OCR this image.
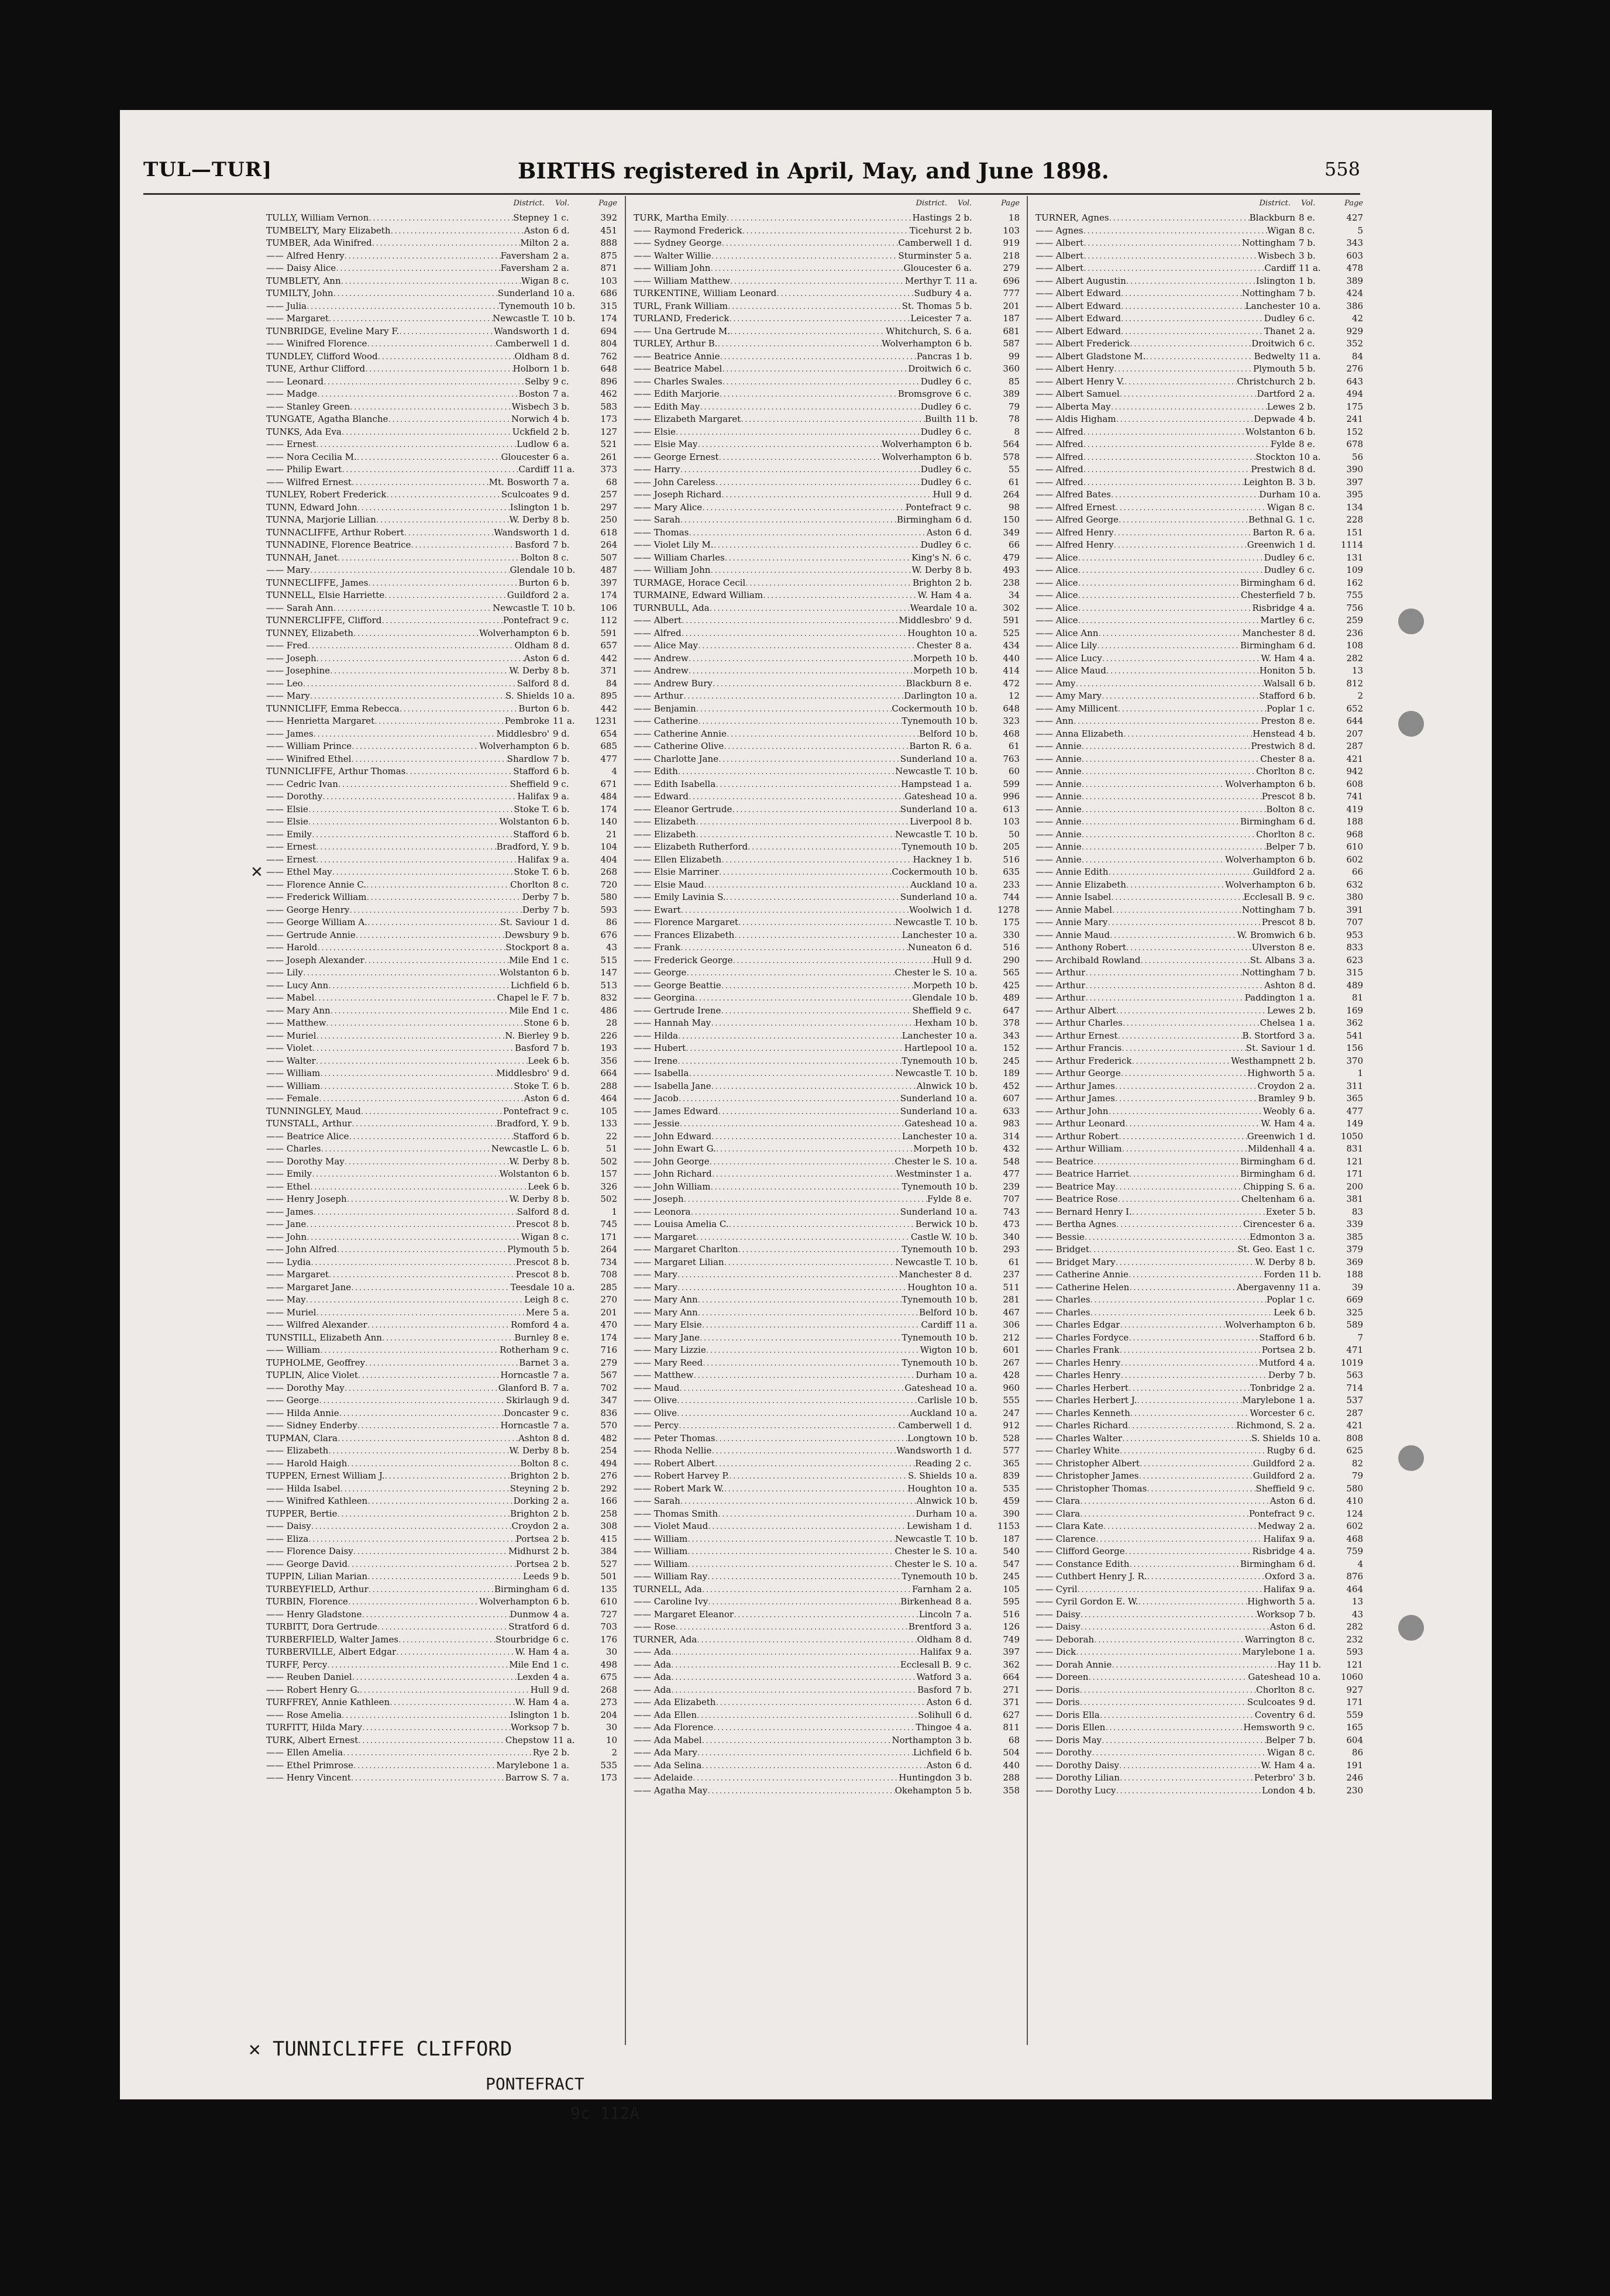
TUL—TUR]	BIRTHS registered in April, May, and June 1898.	558
District. Vol.	Page
TULLY, William Vernon .....	Stepney 1 c.	392
TUMBELTY, Mary Elizabeth .....	Aston 6 d.	451
TUMBER, Ada Winifred .....	Milton 2 a.	888
—— Alfred Henry .....	Faversham 2 a.	875
—— Daisy Alice .....	Faversham 2 a.	871
TUMBLETY, Ann .....	Wigan 8 c.	103
TUMILTY, John .....	Sunderland 10 a.	686
—— Julia .....	Tynemouth 10 b.	315
—— Margaret .....	Newcastle T. 10 b.	174
TUNBRIDGE, Eveline Mary F. .....	Wandsworth 1 d.	694
—— Winifred Florence .....	Camberwell 1 d.	804
TUNDLEY, Clifford Wood .....	Oldham 8 d.	762
TUNE, Arthur Clifford .....	Holborn 1 b.	648
—— Leonard .....	Selby 9 c.	896
—— Madge .....	Boston 7 a.	462
—— Stanley Green .....	Wisbech 3 b.	583
TUNGATE, Agatha Blanche .....	Norwich 4 b.	173
TUNKS, Ada Eva .....	Uckfield 2 b.	127
—— Ernest .....	Ludlow 6 a.	521
—— Nora Cecilia M. .....	Gloucester 6 a.	261
—— Philip Ewart .....	Cardiff 11 a.	373
—— Wilfred Ernest .....	Mt. Bosworth 7 a.	68
TUNLEY, Robert Frederick .....	Sculcoates 9 d.	257
TUNN, Edward John .....	Islington 1 b.	297
TUNNA, Marjorie Lillian .....	W. Derby 8 b.	250
TUNNACLIFFE, Arthur Robert .....	Wandsworth 1 d.	618
TUNNADINE, Florence Beatrice .....	Basford 7 b.	264
TUNNAH, Janet .....	Bolton 8 c.	507
—— Mary .....	Glendale 10 b.	487
TUNNECLIFFE, James .....	Burton 6 b.	397
TUNNELL, Elsie Harriette .....	Guildford 2 a.	174
—— Sarah Ann .....	Newcastle T. 10 b.	106
TUNNERCLIFFE, Clifford .....	Pontefract 9 c.	112
TUNNEY, Elizabeth .....	Wolverhampton 6 b.	591
—— Fred .....	Oldham 8 d.	657
—— Joseph .....	Aston 6 d.	442
—— Josephine .....	W. Derby 8 b.	371
—— Leo .....	Salford 8 d.	84
—— Mary .....	S. Shields 10 a.	895
TUNNICLIFF, Emma Rebecca .....	Burton 6 b.	442
—— Henrietta Margaret .....	Pembroke 11 a.	1231
—— James .....	Middlesbro' 9 d.	654
—— William Prince .....	Wolverhampton 6 b.	685
—— Winifred Ethel .....	Shardlow 7 b.	477
TUNNICLIFFE, Arthur Thomas .....	Stafford 6 b.	4
—— Cedric Ivan .....	Sheffield 9 c.	671
—— Dorothy .....	Halifax 9 a.	484
—— Elsie .....	Stoke T. 6 b.	174
—— Elsie .....	Wolstanton 6 b.	140
—— Emily .....	Stafford 6 b.	21
—— Ernest .....	Bradford, Y. 9 b.	104
—— Ernest .....	Halifax 9 a.	404
—— Ethel May .....	Stoke T. 6 b.	268
—— Florence Annie C. .....	Chorlton 8 c.	720
—— Frederick William .....	Derby 7 b.	580
—— George Henry .....	Derby 7 b.	593
—— George William A. .....	St. Saviour 1 d.	86
—— Gertrude Annie .....	Dewsbury 9 b.	676
—— Harold .....	Stockport 8 a.	43
—— Joseph Alexander .....	Mile End 1 c.	515
—— Lily .....	Wolstanton 6 b.	147
—— Lucy Ann .....	Lichfield 6 b.	513
—— Mabel .....	Chapel le F. 7 b.	832
—— Mary Ann .....	Mile End 1 c.	486
—— Matthew .....	Stone 6 b.	28
—— Muriel .....	N. Bierley 9 b.	226
—— Violet .....	Basford 7 b.	193
—— Walter .....	Leek 6 b.	356
—— William .....	Middlesbro' 9 d.	664
—— William .....	Stoke T. 6 b.	288
—— Female .....	Aston 6 d.	464
TUNNINGLEY, Maud .....	Pontefract 9 c.	105
TUNSTALL, Arthur .....	Bradford, Y. 9 b.	133
—— Beatrice Alice .....	Stafford 6 b.	22
—— Charles .....	Newcastle L. 6 b.	51
—— Dorothy May .....	W. Derby 8 b.	502
—— Emily .....	Wolstanton 6 b.	157
—— Ethel .....	Leek 6 b.	326
—— Henry Joseph .....	W. Derby 8 b.	502
—— James .....	Salford 8 d.	1
—— Jane .....	Prescot 8 b.	745
—— John .....	Wigan 8 c.	171
—— John Alfred .....	Plymouth 5 b.	264
—— Lydia .....	Prescot 8 b.	734
—— Margaret .....	Prescot 8 b.	708
—— Margaret Jane .....	Teesdale 10 a.	285
—— May .....	Leigh 8 c.	270
—— Muriel .....	Mere 5 a.	201
—— Wilfred Alexander .....	Romford 4 a.	470
TUNSTILL, Elizabeth Ann .....	Burnley 8 e.	174
—— William .....	Rotherham 9 c.	716
TUPHOLME, Geoffrey .....	Barnet 3 a.	279
TUPLIN, Alice Violet .....	Horncastle 7 a.	567
—— Dorothy May .....	Glanford B. 7 a.	702
—— George .....	Skirlaugh 9 d.	347
—— Hilda Annie .....	Doncaster 9 c.	836
—— Sidney Enderby .....	Horncastle 7 a.	570
TUPMAN, Clara .....	Ashton 8 d.	482
—— Elizabeth .....	W. Derby 8 b.	254
—— Harold Haigh .....	Bolton 8 c.	494
TUPPEN, Ernest William J. .....	Brighton 2 b.	276
—— Hilda Isabel .....	Steyning 2 b.	292
—— Winifred Kathleen .....	Dorking 2 a.	166
TUPPER, Bertie .....	Brighton 2 b.	258
—— Daisy .....	Croydon 2 a.	308
—— Eliza .....	Portsea 2 b.	415
—— Florence Daisy .....	Midhurst 2 b.	384
—— George David .....	Portsea 2 b.	527
TUPPIN, Lilian Marian .....	Leeds 9 b.	501
TURBEYFIELD, Arthur .....	Birmingham 6 d.	135
TURBIN, Florence .....	Wolverhampton 6 b.	610
—— Henry Gladstone .....	Dunmow 4 a.	727
TURBITT, Dora Gertrude .....	Stratford 6 d.	703
TURBERFIELD, Walter James .....	Stourbridge 6 c.	176
TURBERVILLE, Albert Edgar .....	W. Ham 4 a.	30
TURFF, Percy .....	Mile End 1 c.	498
—— Reuben Daniel .....	Lexden 4 a.	675
—— Robert Henry G. .....	Hull 9 d.	268
TURFFREY, Annie Kathleen .....	W. Ham 4 a.	273
—— Rose Amelia .....	Islington 1 b.	204
TURFITT, Hilda Mary .....	Worksop 7 b.	30
TURK, Albert Ernest .....	Chepstow 11 a.	10
—— Ellen Amelia .....	Rye 2 b.	2
—— Ethel Primrose .....	Marylebone 1 a.	535
—— Henry Vincent .....	Barrow S. 7 a.	173
District. Vol.	Page
TURK, Martha Emily .....	Hastings 2 b.	18
—— Raymond Frederick .....	Ticehurst 2 b.	103
—— Sydney George .....	Camberwell 1 d.	919
—— Walter Willie .....	Sturminster 5 a.	218
—— William John .....	Gloucester 6 a.	279
—— William Matthew .....	Merthyr T. 11 a.	696
TURKENTINE, William Leonard .....	Sudbury 4 a.	777
TURL, Frank William .....	St. Thomas 5 b.	201
TURLAND, Frederick .....	Leicester 7 a.	187
—— Una Gertrude M. .....	Whitchurch, S. 6 a.	681
TURLEY, Arthur B. .....	Wolverhampton 6 b.	587
—— Beatrice Annie .....	Pancras 1 b.	99
—— Beatrice Mabel .....	Droitwich 6 c.	360
—— Charles Swales .....	Dudley 6 c.	85
—— Edith Marjorie .....	Bromsgrove 6 c.	389
—— Edith May .....	Dudley 6 c.	79
—— Elizabeth Margaret .....	Builth 11 b.	78
—— Elsie .....	Dudley 6 c.	8
—— Elsie May .....	Wolverhampton 6 b.	564
—— George Ernest .....	Wolverhampton 6 b.	578
—— Harry .....	Dudley 6 c.	55
—— John Careless .....	Dudley 6 c.	61
—— Joseph Richard .....	Hull 9 d.	264
—— Mary Alice .....	Pontefract 9 c.	98
—— Sarah .....	Birmingham 6 d.	150
—— Thomas .....	Aston 6 d.	349
—— Violet Lily M. .....	Dudley 6 c.	66
—— William Charles .....	King's N. 6 c.	479
—— William John .....	W. Derby 8 b.	493
TURMAGE, Horace Cecil .....	Brighton 2 b.	238
TURMAINE, Edward William .....	W. Ham 4 a.	34
TURNBULL, Ada .....	Weardale 10 a.	302
—— Albert .....	Middlesbro' 9 d.	591
—— Alfred .....	Houghton 10 a.	525
—— Alice May .....	Chester 8 a.	434
—— Andrew .....	Morpeth 10 b.	440
—— Andrew .....	Morpeth 10 b.	414
—— Andrew Bury .....	Blackburn 8 e.	472
—— Arthur .....	Darlington 10 a.	12
—— Benjamin .....	Cockermouth 10 b.	648
—— Catherine .....	Tynemouth 10 b.	323
—— Catherine Annie .....	Belford 10 b.	468
—— Catherine Olive .....	Barton R. 6 a.	61
—— Charlotte Jane .....	Sunderland 10 a.	763
—— Edith .....	Newcastle T. 10 b.	60
—— Edith Isabella .....	Hampstead 1 a.	599
—— Edward .....	Gateshead 10 a.	996
—— Eleanor Gertrude .....	Sunderland 10 a.	613
—— Elizabeth .....	Liverpool 8 b.	103
—— Elizabeth .....	Newcastle T. 10 b.	50
—— Elizabeth Rutherford .....	Tynemouth 10 b.	205
—— Ellen Elizabeth .....	Hackney 1 b.	516
—— Elsie Marriner .....	Cockermouth 10 b.	635
—— Elsie Maud .....	Auckland 10 a.	233
—— Emily Lavinia S. .....	Sunderland 10 a.	744
—— Ewart .....	Woolwich 1 d.	1278
—— Florence Margaret .....	Newcastle T. 10 b.	175
—— Frances Elizabeth .....	Lanchester 10 a.	330
—— Frank .....	Nuneaton 6 d.	516
—— Frederick George .....	Hull 9 d.	290
—— George .....	Chester le S. 10 a.	565
—— George Beattie .....	Morpeth 10 b.	425
—— Georgina .....	Glendale 10 b.	489
—— Gertrude Irene .....	Sheffield 9 c.	647
—— Hannah May .....	Hexham 10 b.	378
—— Hilda .....	Lanchester 10 a.	343
—— Hubert .....	Hartlepool 10 a.	152
—— Irene .....	Tynemouth 10 b.	245
—— Isabella .....	Newcastle T. 10 b.	189
—— Isabella Jane .....	Alnwick 10 b.	452
—— Jacob .....	Sunderland 10 a.	607
—— James Edward .....	Sunderland 10 a.	633
—— Jessie .....	Gateshead 10 a.	983
—— John Edward .....	Lanchester 10 a.	314
—— John Ewart G. .....	Morpeth 10 b.	432
—— John George .....	Chester le S. 10 a.	548
—— John Richard .....	Westminster 1 a.	477
—— John William .....	Tynemouth 10 b.	239
—— Joseph .....	Fylde 8 e.	707
—— Leonora .....	Sunderland 10 a.	743
—— Louisa Amelia C. .....	Berwick 10 b.	473
—— Margaret .....	Castle W. 10 b.	340
—— Margaret Charlton .....	Tynemouth 10 b.	293
—— Margaret Lilian .....	Newcastle T. 10 b.	61
—— Mary .....	Manchester 8 d.	237
—— Mary .....	Houghton 10 a.	511
—— Mary Ann .....	Tynemouth 10 b.	281
—— Mary Ann .....	Belford 10 b.	467
—— Mary Elsie .....	Cardiff 11 a.	306
—— Mary Jane .....	Tynemouth 10 b.	212
—— Mary Lizzie .....	Wigton 10 b.	601
—— Mary Reed .....	Tynemouth 10 b.	267
—— Matthew .....	Durham 10 a.	428
—— Maud .....	Gateshead 10 a.	960
—— Olive .....	Carlisle 10 b.	555
—— Olive .....	Auckland 10 a.	247
—— Percy .....	Camberwell 1 d.	912
—— Peter Thomas .....	Longtown 10 b.	528
—— Rhoda Nellie .....	Wandsworth 1 d.	577
—— Robert Albert .....	Reading 2 c.	365
—— Robert Harvey P. .....	S. Shields 10 a.	839
—— Robert Mark W. .....	Houghton 10 a.	535
—— Sarah .....	Alnwick 10 b.	459
—— Thomas Smith .....	Durham 10 a.	390
—— Violet Maud .....	Lewisham 1 d.	1153
—— William .....	Newcastle T. 10 b.	187
—— William .....	Chester le S. 10 a.	540
—— William .....	Chester le S. 10 a.	547
—— William Ray .....	Tynemouth 10 b.	245
TURNELL, Ada .....	Farnham 2 a.	105
—— Caroline Ivy .....	Birkenhead 8 a.	595
—— Margaret Eleanor .....	Lincoln 7 a.	516
—— Rose .....	Brentford 3 a.	126
TURNER, Ada .....	Oldham 8 d.	749
—— Ada .....	Halifax 9 a.	397
—— Ada .....	Ecclesall B. 9 c.	362
—— Ada .....	Watford 3 a.	664
—— Ada .....	Basford 7 b.	271
—— Ada Elizabeth .....	Aston 6 d.	371
—— Ada Ellen .....	Solihull 6 d.	627
—— Ada Florence .....	Thingoe 4 a.	811
—— Ada Mabel .....	Northampton 3 b.	68
—— Ada Mary .....	Lichfield 6 b.	504
—— Ada Selina .....	Aston 6 d.	440
—— Adelaide .....	Huntingdon 3 b.	288
—— Agatha May .....	Okehampton 5 b.	358
District. Vol.	Page
TURNER, Agnes .....	Blackburn 8 e.	427
—— Agnes .....	Wigan 8 c.	5
—— Albert .....	Nottingham 7 b.	343
—— Albert .....	Wisbech 3 b.	603
—— Albert .....	Cardiff 11 a.	478
—— Albert Augustin .....	Islington 1 b.	389
—— Albert Edward .....	Nottingham 7 b.	424
—— Albert Edward .....	Lanchester 10 a.	386
—— Albert Edward .....	Dudley 6 c.	42
—— Albert Edward .....	Thanet 2 a.	929
—— Albert Frederick .....	Droitwich 6 c.	352
—— Albert Gladstone M. .....	Bedwelty 11 a.	84
—— Albert Henry .....	Plymouth 5 b.	276
—— Albert Henry V. .....	Christchurch 2 b.	643
—— Albert Samuel .....	Dartford 2 a.	494
—— Alberta May .....	Lewes 2 b.	175
—— Aldis Higham .....	Depwade 4 b.	241
—— Alfred .....	Wolstanton 6 b.	152
—— Alfred .....	Fylde 8 e.	678
—— Alfred .....	Stockton 10 a.	56
—— Alfred .....	Prestwich 8 d.	390
—— Alfred .....	Leighton B. 3 b.	397
—— Alfred Bates .....	Durham 10 a.	395
—— Alfred Ernest .....	Wigan 8 c.	134
—— Alfred George .....	Bethnal G. 1 c.	228
—— Alfred Henry .....	Barton R. 6 a.	151
—— Alfred Henry .....	Greenwich 1 d.	1114
—— Alice .....	Dudley 6 c.	131
—— Alice .....	Dudley 6 c.	109
—— Alice .....	Birmingham 6 d.	162
—— Alice .....	Chesterfield 7 b.	755
—— Alice .....	Risbridge 4 a.	756
—— Alice .....	Martley 6 c.	259
—— Alice Ann .....	Manchester 8 d.	236
—— Alice Lily .....	Birmingham 6 d.	108
—— Alice Lucy .....	W. Ham 4 a.	282
—— Alice Maud .....	Honiton 5 b.	13
—— Amy .....	Walsall 6 b.	812
—— Amy Mary .....	Stafford 6 b.	2
—— Amy Millicent .....	Poplar 1 c.	652
—— Ann .....	Preston 8 e.	644
—— Anna Elizabeth .....	Henstead 4 b.	207
—— Annie .....	Prestwich 8 d.	287
—— Annie .....	Chester 8 a.	421
—— Annie .....	Chorlton 8 c.	942
—— Annie .....	Wolverhampton 6 b.	608
—— Annie .....	Prescot 8 b.	741
—— Annie .....	Bolton 8 c.	419
—— Annie .....	Birmingham 6 d.	188
—— Annie .....	Chorlton 8 c.	968
—— Annie .....	Belper 7 b.	610
—— Annie .....	Wolverhampton 6 b.	602
—— Annie Edith .....	Guildford 2 a.	66
—— Annie Elizabeth .....	Wolverhampton 6 b.	632
—— Annie Isabel .....	Ecclesall B. 9 c.	380
—— Annie Mabel .....	Nottingham 7 b.	391
—— Annie Mary .....	Prescot 8 b.	707
—— Annie Maud .....	W. Bromwich 6 b.	953
—— Anthony Robert .....	Ulverston 8 e.	833
—— Archibald Rowland .....	St. Albans 3 a.	623
—— Arthur .....	Nottingham 7 b.	315
—— Arthur .....	Ashton 8 d.	489
—— Arthur .....	Paddington 1 a.	81
—— Arthur Albert .....	Lewes 2 b.	169
—— Arthur Charles .....	Chelsea 1 a.	362
—— Arthur Ernest .....	B. Stortford 3 a.	541
—— Arthur Francis .....	St. Saviour 1 d.	156
—— Arthur Frederick .....	Westhampnett 2 b.	370
—— Arthur George .....	Highworth 5 a.	1
—— Arthur James .....	Croydon 2 a.	311
—— Arthur James .....	Bramley 9 b.	365
—— Arthur John .....	Weobly 6 a.	477
—— Arthur Leonard .....	W. Ham 4 a.	149
—— Arthur Robert .....	Greenwich 1 d.	1050
—— Arthur William .....	Mildenhall 4 a.	831
—— Beatrice .....	Birmingham 6 d.	121
—— Beatrice Harriet .....	Birmingham 6 d.	171
—— Beatrice May .....	Chipping S. 6 a.	200
—— Beatrice Rose .....	Cheltenham 6 a.	381
—— Bernard Henry I. .....	Exeter 5 b.	83
—— Bertha Agnes .....	Cirencester 6 a.	339
—— Bessie .....	Edmonton 3 a.	385
—— Bridget .....	St. Geo. East 1 c.	379
—— Bridget Mary .....	W. Derby 8 b.	369
—— Catherine Annie .....	Forden 11 b.	188
—— Catherine Helen .....	Abergavenny 11 a.	39
—— Charles .....	Poplar 1 c.	669
—— Charles .....	Leek 6 b.	325
—— Charles Edgar .....	Wolverhampton 6 b.	589
—— Charles Fordyce .....	Stafford 6 b.	7
—— Charles Frank .....	Portsea 2 b.	471
—— Charles Henry .....	Mutford 4 a.	1019
—— Charles Henry .....	Derby 7 b.	563
—— Charles Herbert .....	Tonbridge 2 a.	714
—— Charles Herbert J. .....	Marylebone 1 a.	537
—— Charles Kenneth .....	Worcester 6 c.	287
—— Charles Richard .....	Richmond, S. 2 a.	421
—— Charles Walter .....	S. Shields 10 a.	808
—— Charley White .....	Rugby 6 d.	625
—— Christopher Albert .....	Guildford 2 a.	82
—— Christopher James .....	Guildford 2 a.	79
—— Christopher Thomas .....	Sheffield 9 c.	580
—— Clara .....	Aston 6 d.	410
—— Clara .....	Pontefract 9 c.	124
—— Clara Kate .....	Medway 2 a.	602
—— Clarence .....	Halifax 9 a.	468
—— Clifford George .....	Risbridge 4 a.	759
—— Constance Edith .....	Birmingham 6 d.	4
—— Cuthbert Henry J. R. .....	Oxford 3 a.	876
—— Cyril .....	Halifax 9 a.	464
—— Cyril Gordon E. W. .....	Highworth 5 a.	13
—— Daisy .....	Worksop 7 b.	43
—— Daisy .....	Aston 6 d.	282
—— Deborah .....	Warrington 8 c.	232
—— Dick .....	Marylebone 1 a.	593
—— Dorah Annie .....	Hay 11 b.	121
—— Doreen .....	Gateshead 10 a.	1060
—— Doris .....	Chorlton 8 c.	927
—— Doris .....	Sculcoates 9 d.	171
—— Doris Ella .....	Coventry 6 d.	559
—— Doris Ellen .....	Hemsworth 9 c.	165
—— Doris May .....	Belper 7 b.	604
—— Dorothy .....	Wigan 8 c.	86
—— Dorothy Daisy .....	W. Ham 4 a.	191
—— Dorothy Lilian .....	Peterbro' 3 b.	246
—— Dorothy Lucy .....	London 4 b.	230
✕
✕ TUNNICLIFFE CLIFFORD
PONTEFRACT
9c 112A
